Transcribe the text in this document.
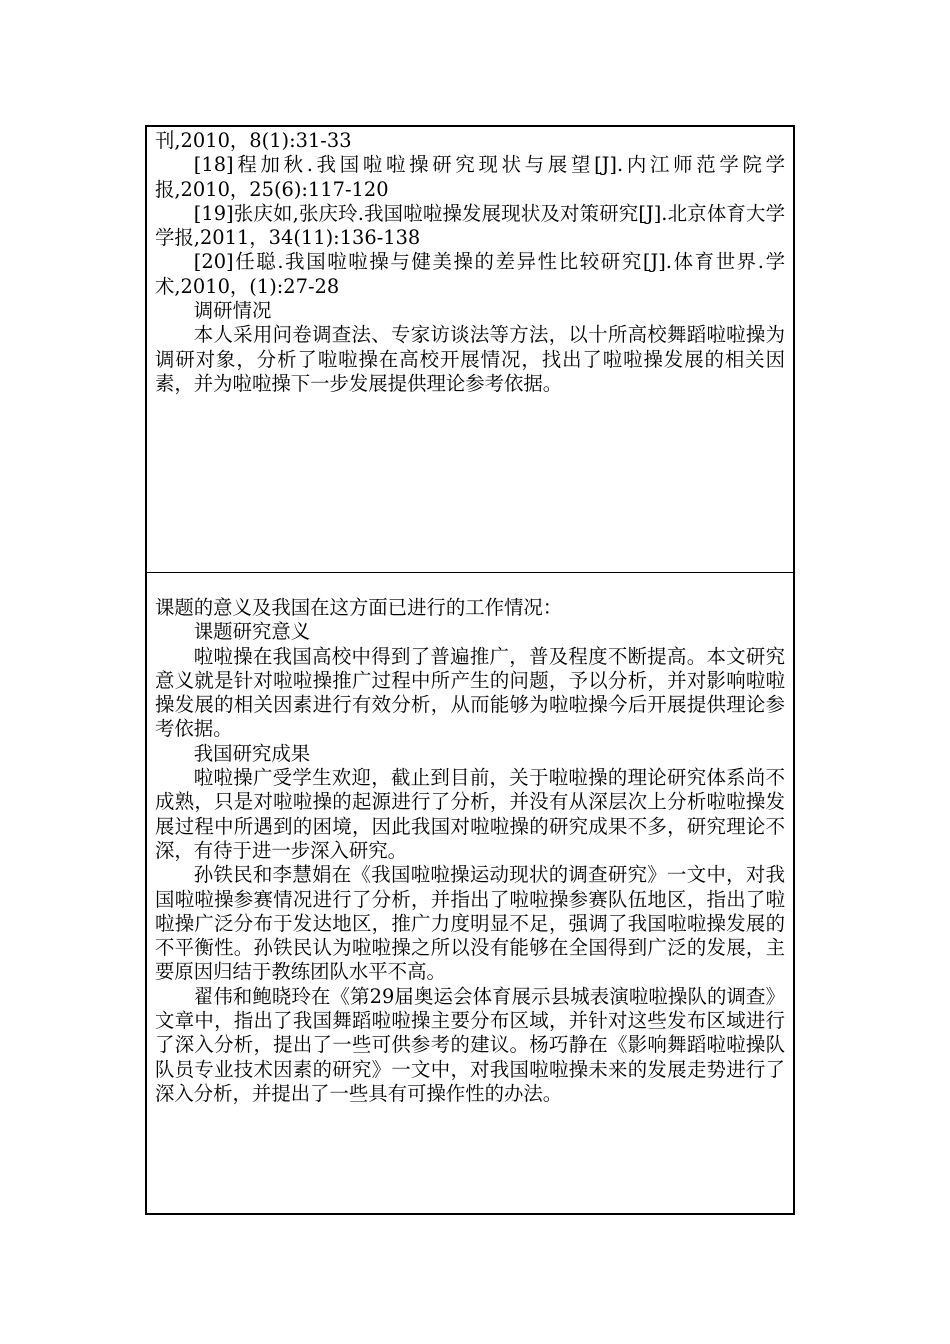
刊,2010，8(1):31-33

[18]程加秋.我国啦啦操研究现状与展望[J].内江师范学院学报,2010，25(6):117-120

[19]张庆如,张庆玲.我国啦啦操发展现状及对策研究[J].北京体育大学学报,2011，34(11):136-138

[20]任聪.我国啦啦操与健美操的差异性比较研究[J].体育世界.学术,2010，(1):27-28

调研情况

本人采用问卷调查法、专家访谈法等方法，以十所高校舞蹈啦啦操为调研对象，分析了啦啦操在高校开展情况，找出了啦啦操发展的相关因素，并为啦啦操下一步发展提供理论参考依据。

课题的意义及我国在这方面已进行的工作情况：

课题研究意义

啦啦操在我国高校中得到了普遍推广，普及程度不断提高。本文研究意义就是针对啦啦操推广过程中所产生的问题，予以分析，并对影响啦啦操发展的相关因素进行有效分析，从而能够为啦啦操今后开展提供理论参考依据。

我国研究成果

啦啦操广受学生欢迎，截止到目前，关于啦啦操的理论研究体系尚不成熟，只是对啦啦操的起源进行了分析，并没有从深层次上分析啦啦操发展过程中所遇到的困境，因此我国对啦啦操的研究成果不多，研究理论不深，有待于进一步深入研究。

孙铁民和李慧娟在《我国啦啦操运动现状的调查研究》一文中，对我国啦啦操参赛情况进行了分析，并指出了啦啦操参赛队伍地区，指出了啦啦操广泛分布于发达地区，推广力度明显不足，强调了我国啦啦操发展的不平衡性。孙铁民认为啦啦操之所以没有能够在全国得到广泛的发展，主要原因归结于教练团队水平不高。

翟伟和鲍晓玲在《第29届奥运会体育展示县城表演啦啦操队的调查》文章中，指出了我国舞蹈啦啦操主要分布区域，并针对这些发布区域进行了深入分析，提出了一些可供参考的建议。杨巧静在《影响舞蹈啦啦操队队员专业技术因素的研究》一文中，对我国啦啦操未来的发展走势进行了深入分析，并提出了一些具有可操作性的办法。
